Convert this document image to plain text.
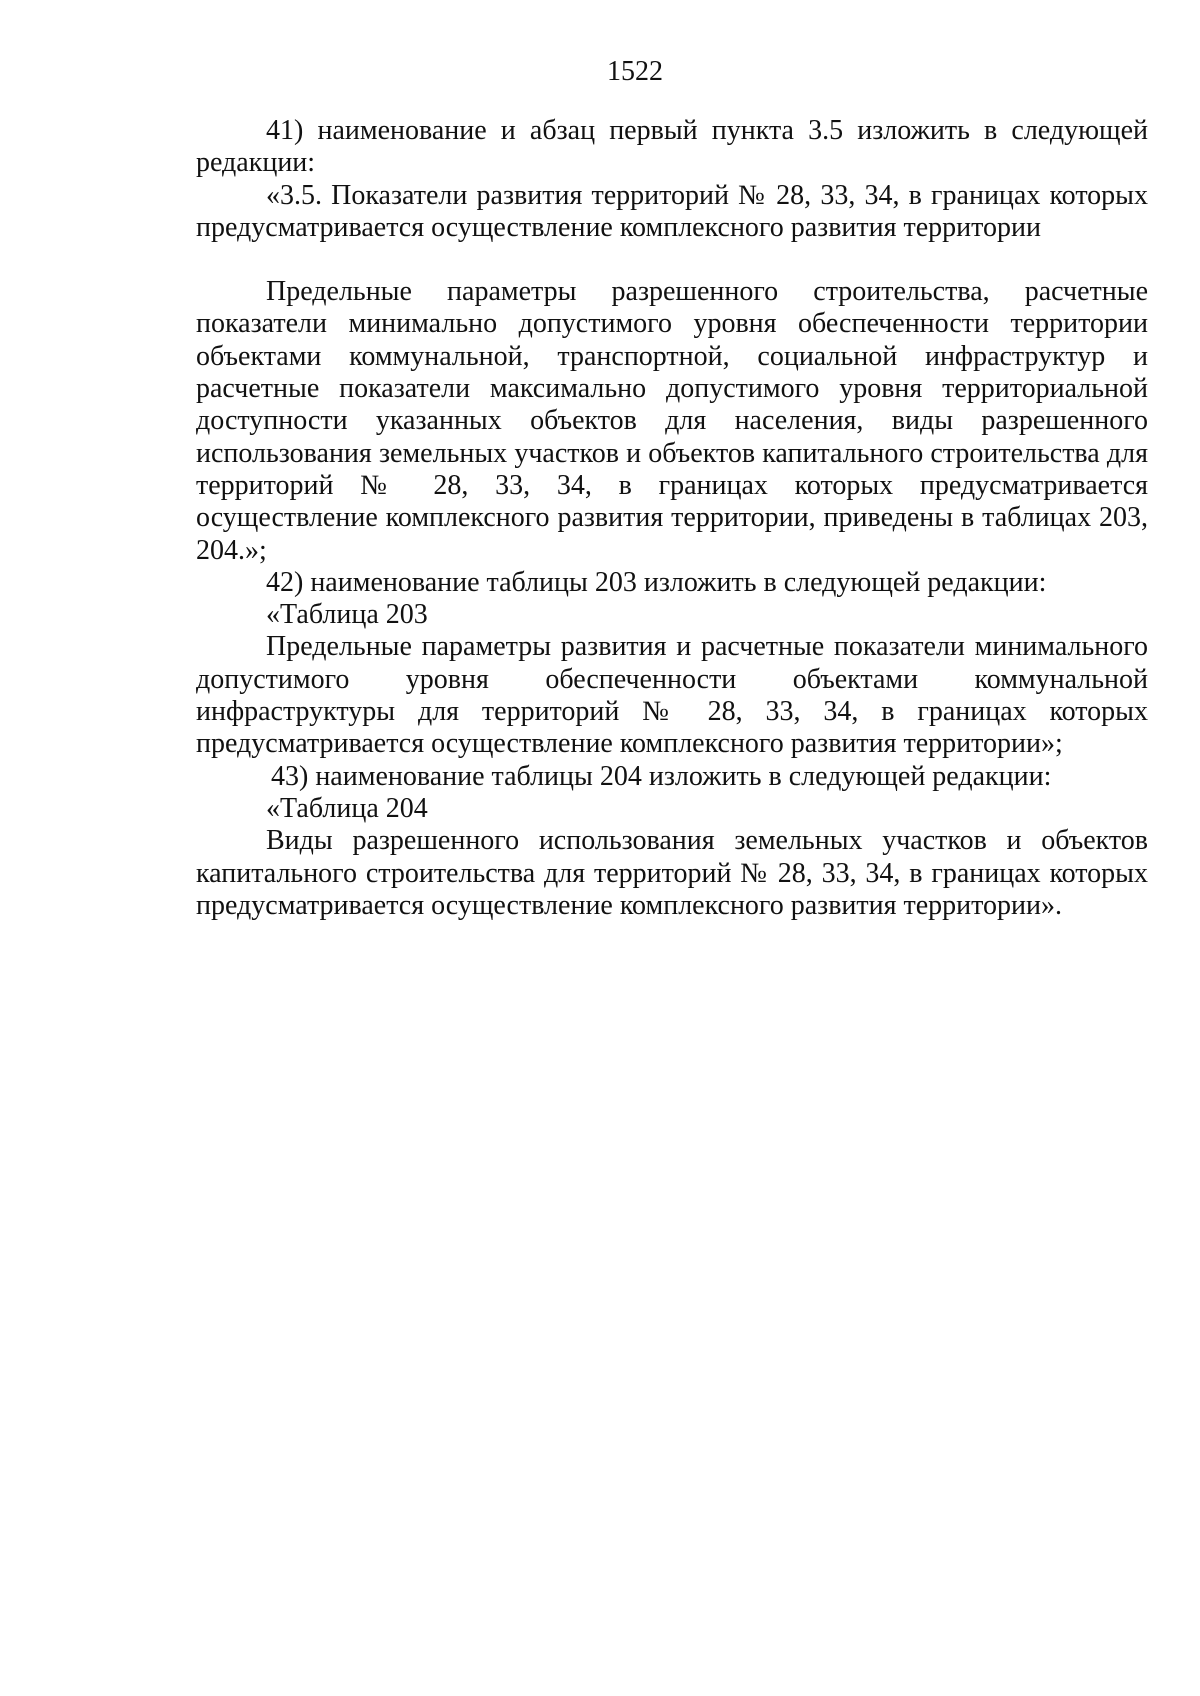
1522

41) наименование и абзац первый пункта 3.5 изложить в следующей редакции:

«3.5. Показатели развития территорий № 28, 33, 34, в границах которых предусматривается осуществление комплексного развития территории

Предельные параметры разрешенного строительства, расчетные показатели минимально допустимого уровня обеспеченности территории объектами коммунальной, транспортной, социальной инфраструктур и расчетные показатели максимально допустимого уровня территориальной доступности указанных объектов для населения, виды разрешенного использования земельных участков и объектов капитального строительства для территорий № 28, 33, 34, в границах которых предусматривается осуществление комплексного развития территории, приведены в таблицах 203, 204.»;

42) наименование таблицы 203 изложить в следующей редакции:

«Таблица 203

Предельные параметры развития и расчетные показатели минимального допустимого уровня обеспеченности объектами коммунальной инфраструктуры для территорий № 28, 33, 34, в границах которых предусматривается осуществление комплексного развития территории»;

43) наименование таблицы 204 изложить в следующей редакции:

«Таблица 204

Виды разрешенного использования земельных участков и объектов капитального строительства для территорий № 28, 33, 34, в границах которых предусматривается осуществление комплексного развития территории».
